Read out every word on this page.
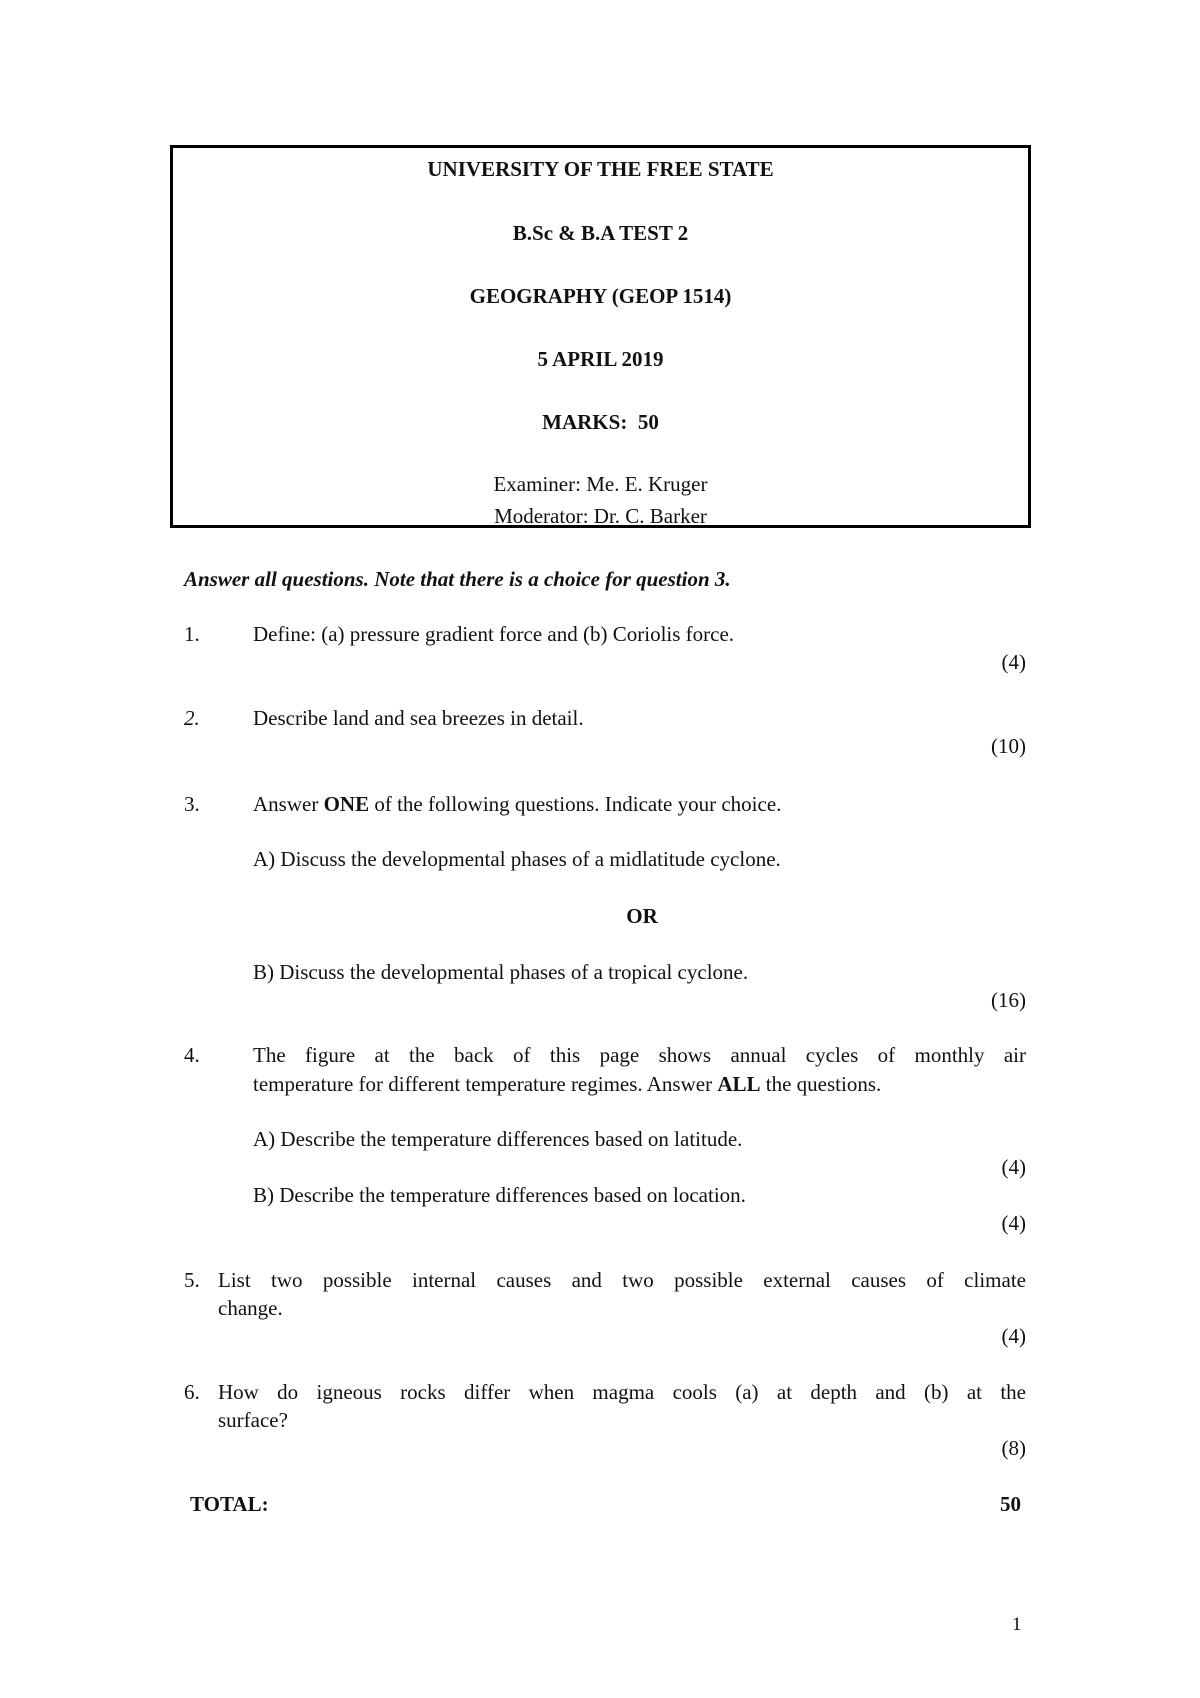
UNIVERSITY OF THE FREE STATE
B.Sc & B.A TEST 2
GEOGRAPHY (GEOP 1514)
5 APRIL 2019
MARKS: 50
Examiner: Me. E. Kruger
Moderator: Dr. C. Barker
Answer all questions. Note that there is a choice for question 3.
1.	Define: (a) pressure gradient force and (b) Coriolis force.
(4)
2.	Describe land and sea breezes in detail.
(10)
3.	Answer ONE of the following questions. Indicate your choice.
A) Discuss the developmental phases of a midlatitude cyclone.
OR
B) Discuss the developmental phases of a tropical cyclone.
(16)
4.	The figure at the back of this page shows annual cycles of monthly air
temperature for different temperature regimes. Answer ALL the questions.
A) Describe the temperature differences based on latitude.
(4)
B) Describe the temperature differences based on location.
(4)
5. List two possible internal causes and two possible external causes of climate
change.
(4)
6. How do igneous rocks differ when magma cools (a) at depth and (b) at the
surface?
(8)
TOTAL:	50
1
